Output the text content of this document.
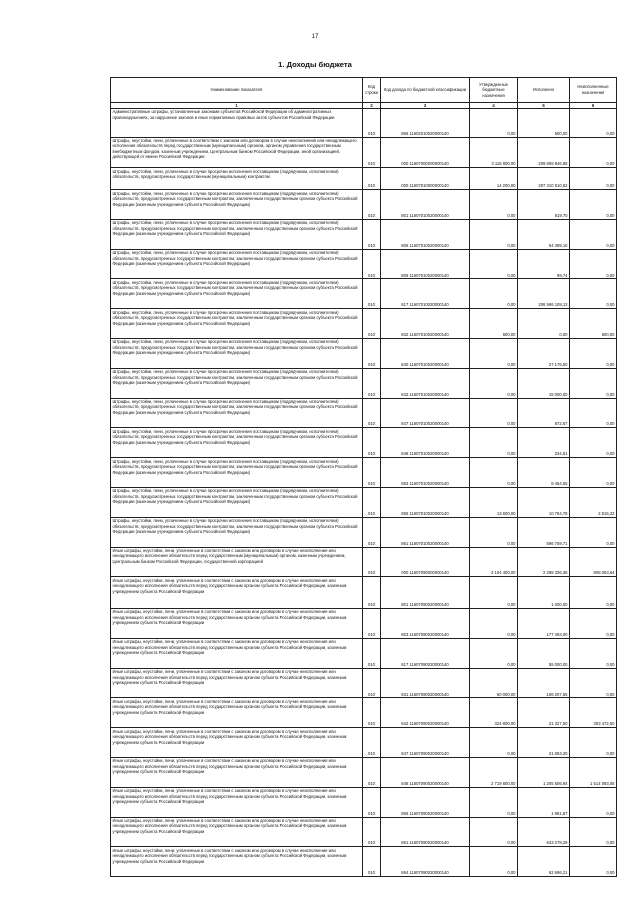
17
1. Доходы бюджета
Наименование показателя	Код строки	Код дохода по бюджетной классификации	Утвержденные бюджетные назначения	Исполнено	Неисполненные назначения
1	2	3	4	5	6
Административные штрафы, установленные законами субъектов Российской Федерации об административных правонарушениях, за нарушение законов и иных нормативных правовых актов субъектов Российской Федерации	010	865 11602010020000140	0,00	500,00	0,00
Штрафы, неустойки, пени, уплаченные в соответствии с законом или договором в случае неисполнения или ненадлежащего исполнения обязательств перед государственным (муниципальным) органом, органом управления государственным внебюджетным фондом, казенным учреждением, Центральным банком Российской Федерации, иной организацией, действующей от имени Российской Федерации	010	000 11607000000000140	3 118 600,00	209 608 846,88	0,00
Штрафы, неустойки, пени, уплаченные в случае просрочки исполнения поставщиком (подрядчиком, исполнителем) обязательств, предусмотренных государственным (муниципальным) контрактом	010	000 11607010000000140	14 200,00	207 310 510,52	0,00
Штрафы, неустойки, пени, уплаченные в случае просрочки исполнения поставщиком (подрядчиком, исполнителем) обязательств, предусмотренных государственным контрактом, заключенным государственным органом субъекта Российской Федерации (казенным учреждением субъекта Российской Федерации)	010	801 11607010020000140	0,00	819,70	0,00
Штрафы, неустойки, пени, уплаченные в случае просрочки исполнения поставщиком (подрядчиком, исполнителем) обязательств, предусмотренных государственным контрактом, заключенным государственным органом субъекта Российской Федерации (казенным учреждением субъекта Российской Федерации)	010	806 11607010020000140	0,00	54 399,10	0,00
Штрафы, неустойки, пени, уплаченные в случае просрочки исполнения поставщиком (подрядчиком, исполнителем) обязательств, предусмотренных государственным контрактом, заключенным государственным органом субъекта Российской Федерации (казенным учреждением субъекта Российской Федерации)	010	809 11607010020000140	0,00	99,74	0,00
Штрафы, неустойки, пени, уплаченные в случае просрочки исполнения поставщиком (подрядчиком, исполнителем) обязательств, предусмотренных государственным контрактом, заключенным государственным органом субъекта Российской Федерации (казенным учреждением субъекта Российской Федерации)	010	817 11607010020000140	0,00	206 596 109,13	0,00
Штрафы, неустойки, пени, уплаченные в случае просрочки исполнения поставщиком (подрядчиком, исполнителем) обязательств, предусмотренных государственным контрактом, заключенным государственным органом субъекта Российской Федерации (казенным учреждением субъекта Российской Федерации)	010	832 11607010020000140	600,00	0,00	600,00
Штрафы, неустойки, пени, уплаченные в случае просрочки исполнения поставщиком (подрядчиком, исполнителем) обязательств, предусмотренных государственным контрактом, заключенным государственным органом субъекта Российской Федерации (казенным учреждением субъекта Российской Федерации)	010	840 11607010020000140	0,00	27 176,50	0,00
Штрафы, неустойки, пени, уплаченные в случае просрочки исполнения поставщиком (подрядчиком, исполнителем) обязательств, предусмотренных государственным контрактом, заключенным государственным органом субъекта Российской Федерации (казенным учреждением субъекта Российской Федерации)	010	842 11607010020000140	0,00	15 000,00	0,00
Штрафы, неустойки, пени, уплаченные в случае просрочки исполнения поставщиком (подрядчиком, исполнителем) обязательств, предусмотренных государственным контрактом, заключенным государственным органом субъекта Российской Федерации (казенным учреждением субъекта Российской Федерации)	010	847 11607010020000140	0,00	672,67	0,00
Штрафы, неустойки, пени, уплаченные в случае просрочки исполнения поставщиком (подрядчиком, исполнителем) обязательств, предусмотренных государственным контрактом, заключенным государственным органом субъекта Российской Федерации (казенным учреждением субъекта Российской Федерации)	010	848 11607010020000140	0,00	234,61	0,00
Штрафы, неустойки, пени, уплаченные в случае просрочки исполнения поставщиком (подрядчиком, исполнителем) обязательств, предусмотренных государственным контрактом, заключенным государственным органом субъекта Российской Федерации (казенным учреждением субъекта Российской Федерации)	010	853 11607010020000140	0,00	8 454,55	0,00
Штрафы, неустойки, пени, уплаченные в случае просрочки исполнения поставщиком (подрядчиком, исполнителем) обязательств, предусмотренных государственным контрактом, заключенным государственным органом субъекта Российской Федерации (казенным учреждением субъекта Российской Федерации)	010	855 11607010020000140	13 600,00	10 784,78	2 815,22
Штрафы, неустойки, пени, уплаченные в случае просрочки исполнения поставщиком (подрядчиком, исполнителем) обязательств, предусмотренных государственным контрактом, заключенным государственным органом субъекта Российской Федерации (казенным учреждением субъекта Российской Федерации)	010	861 11607010020000140	0,00	596 759,71	0,00
Иные штрафы, неустойки, пени, уплаченные в соответствии с законом или договором в случае неисполнения или ненадлежащего исполнения обязательств перед государственным (муниципальным) органом, казенным учреждением, Центральным банком Российской Федерации, государственной корпорацией	010	000 11607090000000140	3 104 400,00	2 298 336,36	808 063,64
Иные штрафы, неустойки, пени, уплаченные в соответствии с законом или договором в случае неисполнения или ненадлежащего исполнения обязательств перед государственным органом субъекта Российской Федерации, казенным учреждением субъекта Российской Федерации	010	801 11607090020000140	0,00	1 000,00	0,00
Иные штрафы, неустойки, пени, уплаченные в соответствии с законом или договором в случае неисполнения или ненадлежащего исполнения обязательств перед государственным органом субъекта Российской Федерации, казенным учреждением субъекта Российской Федерации	010	803 11607090020000140	0,00	177 493,00	0,00
Иные штрафы, неустойки, пени, уплаченные в соответствии с законом или договором в случае неисполнения или ненадлежащего исполнения обязательств перед государственным органом субъекта Российской Федерации, казенным учреждением субъекта Российской Федерации	010	817 11607090020000140	0,00	55 000,00	0,00
Иные штрафы, неустойки, пени, уплаченные в соответствии с законом или договором в случае неисполнения или ненадлежащего исполнения обязательств перед государственным органом субъекта Российской Федерации, казенным учреждением субъекта Российской Федерации	010	831 11607090020000140	60 000,00	106 207,55	0,00
Иные штрафы, неустойки, пени, уплаченные в соответствии с законом или договором в случае неисполнения или ненадлежащего исполнения обязательств перед государственным органом субъекта Российской Федерации, казенным учреждением субъекта Российской Федерации	010	842 11607090020000140	324 800,00	21 327,50	303 472,50
Иные штрафы, неустойки, пени, уплаченные в соответствии с законом или договором в случае неисполнения или ненадлежащего исполнения обязательств перед государственным органом субъекта Российской Федерации, казенным учреждением субъекта Российской Федерации	010	847 11607090020000140	0,00	21 653,20	0,00
Иные штрафы, неустойки, пени, уплаченные в соответствии с законом или договором в случае неисполнения или ненадлежащего исполнения обязательств перед государственным органом субъекта Российской Федерации, казенным учреждением субъекта Российской Федерации	010	848 11607090020000140	2 719 600,00	1 205 506,94	1 514 093,06
Иные штрафы, неустойки, пени, уплаченные в соответствии с законом или договором в случае неисполнения или ненадлежащего исполнения обязательств перед государственным органом субъекта Российской Федерации, казенным учреждением субъекта Российской Федерации	010	855 11607090020000140	0,00	1 981,87	0,00
Иные штрафы, неустойки, пени, уплаченные в соответствии с законом или договором в случае неисполнения или ненадлежащего исполнения обязательств перед государственным органом субъекта Российской Федерации, казенным учреждением субъекта Российской Федерации	010	861 11607090020000140	0,00	643 278,29	0,00
Иные штрафы, неустойки, пени, уплаченные в соответствии с законом или договором в случае неисполнения или ненадлежащего исполнения обязательств перед государственным органом субъекта Российской Федерации, казенным учреждением субъекта Российской Федерации	010	864 11607090020000140	0,00	62 696,21	0,00
